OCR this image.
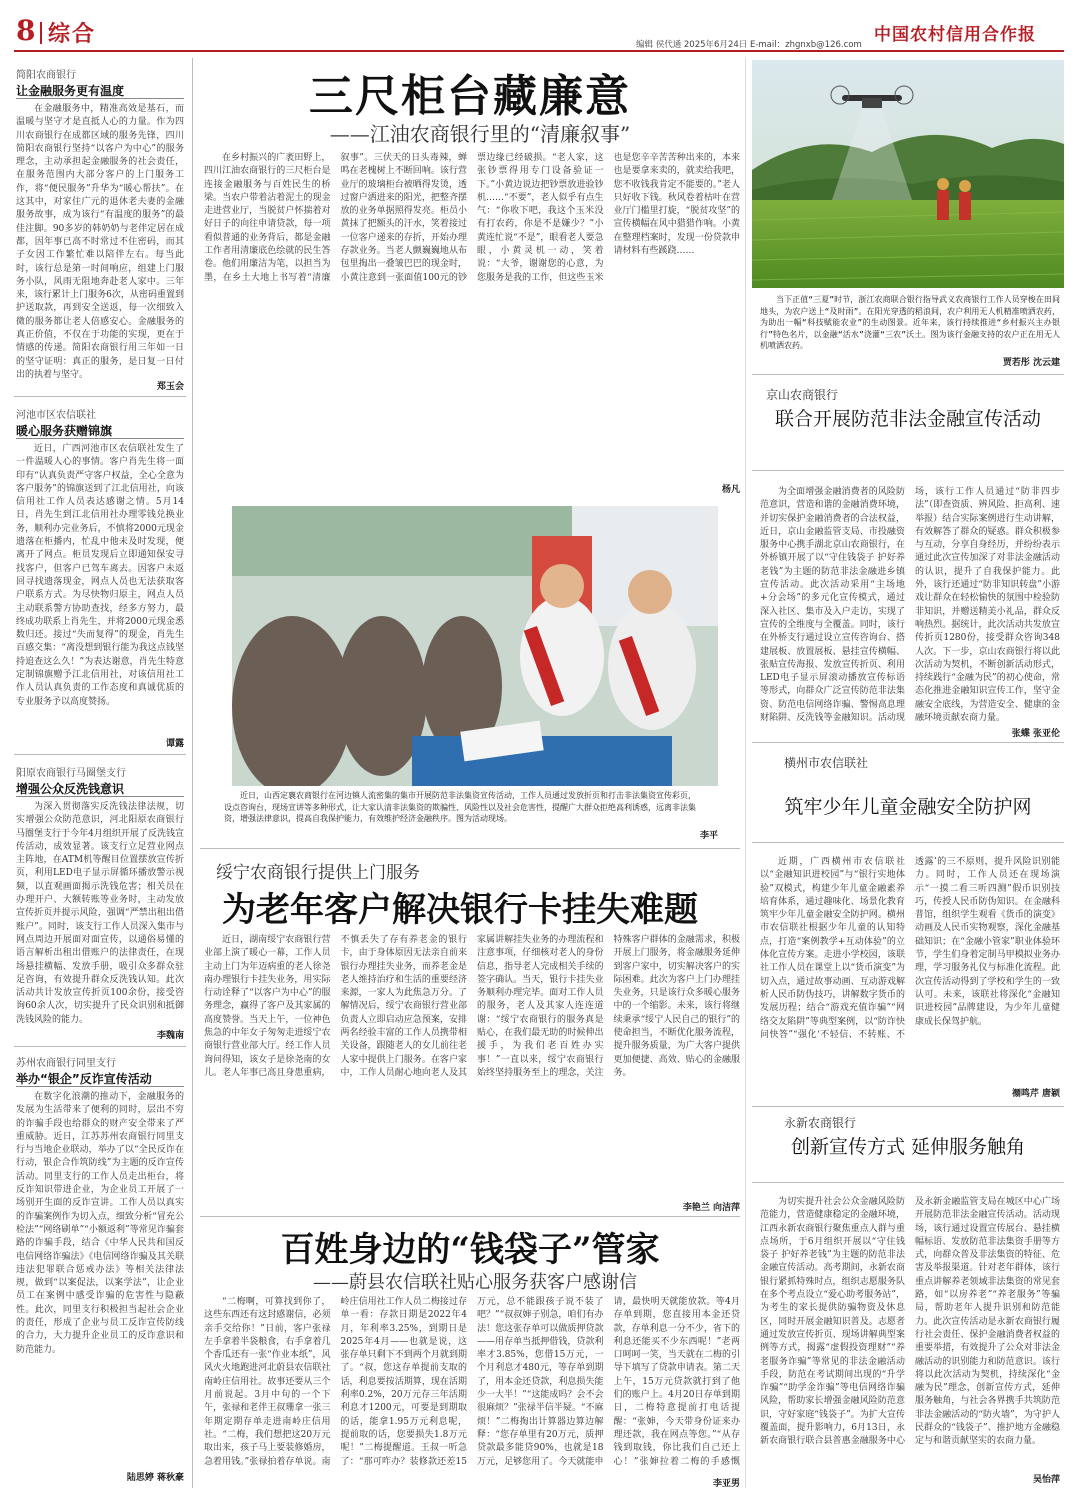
8 综合	编辑 侯代通 2025年6月24日 E-mail：zhgnxb@126.com 中国农村信用合作报
简阳农商银行
让金融服务更有温度
在金融服务中，精准高效是基石，而温暖与坚守才是直抵人心的力量。作为四川农商银行在成都区域的服务先锋，四川简阳农商银行坚持“以客户为中心”的服务理念，主动承担起金融服务的社会责任，在服务范围内大部分客户的上门服务工作，将“便民服务”升华为“暖心帮扶”。在这其中，对家住广元的退休老夫妻的金融服务故事，成为该行“有温度的服务”的最佳注脚。90多岁的韩奶奶与老伴定居在成都，因年事已高不时常过不住密码，而其子女因工作繁忙难以陪伴左右。每当此时，该行总是第一时间响应，组建上门服务小队，风雨无阻地奔赴老人家中。三年来，该行累计上门服务6次，从密码重置到护送取款，再到安全送返，每一次细致入微的服务都让老人倍感安心。金融服务的真正价值，不仅在于功能的实现，更在于情感的传递。简阳农商银行用三年如一日的坚守证明：真正的服务，是日复一日付出的执着与坚守。
郑玉会
河池市区农信联社
暖心服务获赠锦旗
近日，广西河池市区农信联社发生了一件温暖人心的事情。客户肖先生将一面印有“认真负责严守客户权益，全心全意为客户服务”的锦旗送到了江北信用社，向该信用社工作人员表达感谢之情。5月14日，肖先生到江北信用社办理零钱兑换业务，顺利办完业务后，不慎将2000元现金遗落在柜播内，忙乱中他未及时发现，便离开了网点。柜员发现后立即通知保安寻找客户，但客户已驾车离去。因客户未返回寻找遗落现金，网点人员也无法获取客户联系方式。为尽快物归原主，网点人员主动联系警方协助查找，经多方努力，最终成功联系上肖先生，并将2000元现金悉数归还。接过“失而复得”的现金，肖先生百感交集：“离没想到银行能为我这点钱坚持追查这么久！”为表达谢意，肖先生特意定制锦旗赠予江北信用社，对该信用社工作人员认真负责的工作态度和真诚优质的专业服务予以高度赞扬。
谭露
阳原农商银行马圈堡支行
增强公众反洗钱意识
为深入贯彻落实反洗钱法律法规，切实增强公众防范意识，河北阳原农商银行马圈堡支行于今年4月组织开展了反洗钱宣传活动，成效显著。该支行立足营业网点主阵地，在ATM机等醒目位置摆放宣传折页，利用LED电子显示屏循环播放警示视频，以直观画面揭示洗钱危害；相关员在办理开户、大额转账等业务时，主动发放宣传折页并提示风险，强调“严禁出租出借账户”。同时，该支行工作人员深入集市与网点周边开展面对面宣传，以通俗易懂的语言解析出租出借账户的法律责任，在现场悬挂横幅、发放手册，吸引众多群众驻足咨询，有效提升群众反洗钱认知。此次活动共计发放宣传折页100余份，接受咨询60余人次，切实提升了民众识别和抵御洗钱风险的能力。
李魏南
苏州农商银行同里支行
举办“银企”反诈宣传活动
在数字化浪潮的推动下，金融服务的发展为生活带来了便利的同时，层出不穷的诈骗手段也给群众的财产安全带来了严重威胁。近日，江苏苏州农商银行同里支行与当地企业联动，举办了以“全民反诈在行动，银企合作筑防线”为主题的反诈宣传活动。同里支行的工作人员走出柜台，将反诈知识带进企业，为企业员工开展了一场别开生面的反诈宣讲。工作人员以真实的诈骗案例作为切入点，细致分析“冒充公检法”“网络刷单”“小额返利”等常见诈骗套路的诈骗手段，结合《中华人民共和国反电信网络诈骗法》《电信网络诈骗及其关联违法犯罪联合惩戒办法》等相关法律法规，做到“以案促法，以案学法”，让企业员工在案例中感受诈骗的危害性与隐蔽性。此次，同里支行积极担当起社会企业的责任，形成了企业与员工反诈宣传防线的合力，大力提升企业员工的反诈意识和防范能力。
陆思婷 蒋秋豪
三尺柜台藏廉意
——江油农商银行里的“清廉叙事”
在乡村振兴的广袤田野上，四川江油农商银行的三尺柜台是连接金融服务与百姓民生的桥梁。当农户带着沾着泥土的现金走进营业厅，当脱贫户怀揣着对好日子的向往申请贷款，每一项看似普通的业务背后，都是金融工作者用清廉底色绘就的民生答卷。他们用廉洁为笔，以担当为墨，在乡土大地上书写着“清廉叙事”。三伏天的日头毒辣，蝉鸣在老槐树上不断回响。该行营业厅的玻璃柜台被晒得发烫，透过窗户洒进来的阳光，把整齐摆放的业务单据照得发亮。柜员小黄抹了把额头的汗水，笑着接过一位客户递来的存折，开始办理存款业务。当老人颤巍巍地从布包里掏出一叠皱巴巴的现金时，小黄注意到一张面值100元的钞票边缘已经破损。“老人家，这张钞票得用专门设备验证一下。”小黄边说边把钞票放进验钞机……“不要”，老人似乎有点生气：“你收下吧，我这个玉米没有打农药，你是不是嫌少？”小黄连忙说“不是”，眼看老人要急眼，小黄灵机一动，笑着说：“大爷，谢谢您的心意，为您服务是我的工作，但这些玉米也是您辛辛苦苦种出来的，本来也是要拿来卖的，就卖给我吧，您不收钱我肯定不能要的。”老人只好收下钱。秋风卷着枯叶在营业厅门槛里打旋，“脱贫攻坚”的宣传横幅在风中猎猎作响。小黄在整理档案时，发现一份贷款申请材料有些蹊跷……
杨凡
当下正值“三夏”时节，浙江农商联合银行指导武义农商银行工作人员穿梭在田间地头，为农户送上“及时雨”。在阳光穿透的稻浪间，农户利用无人机精准喷洒农药，为助出一幅“科技赋能农业”的生动图景。近年来，该行持续推进“乡村振兴主办银行”特色名片，以金融“活水”浇灌“三农”沃土。图为该行金融支持的农户正在用无人机喷洒农药。
贾若彤 沈云建
近日，山西定襄农商银行在河边镇人流密集的集市开展防范非法集资宣传活动，工作人员通过发放折页和打击非法集资宣传彩页，设点咨询台，现场宣讲等多种形式，让大家认清非法集资的欺骗性、风险性以及社会危害性，提醒广大群众拒绝高利诱惑，远离非法集资，增强法律意识，提高自我保护能力，有效维护经济金融秩序。图为活动现场。
李平
京山农商银行
联合开展防范非法金融宣传活动
为全面增强金融消费者的风险防范意识，营造和谐的金融消费环境，并切实保护金融消费者的合法权益，近日，京山金融监管支局、市投融资服务中心携手湖北京山农商银行，在外桥镇开展了以“守住钱袋子 护好养老钱”为主题的防范非法金融进乡镇宣传活动。此次活动采用“主场地+分会场”的多元化宣传模式，通过深入社区、集市及入户走访，实现了宣传的全维度与全覆盖。同时，该行在外桥支行通过设立宣传咨询台、搭建展板、放置展板、悬挂宣传横幅、张贴宣传海报、发放宣传折页、利用LED电子显示屏滚动播放宣传标语等形式，向群众广泛宣传防范非法集资、防范电信网络诈骗、警惕高息理财陷阱、反洗钱等金融知识。活动现场，该行工作人员通过“防非四步法”（即查资质、辨风险、拒高利、速举报）结合实际案例进行生动讲解，有效解答了群众的疑惑。群众积极参与互动，分享自身经历，并纷纷表示通过此次宣传加深了对非法金融活动的认识，提升了自我保护能力。此外，该行还通过“防非知识转盘”小游戏让群众在轻松愉快的氛围中检验防非知识，并赠送精美小礼品，群众反响热烈。据统计，此次活动共发放宣传折页1280份，接受群众咨询348人次。下一步，京山农商银行将以此次活动为契机，不断创新活动形式，持续践行“金融为民”的初心使命，常态化推进金融知识宣传工作，坚守金融安全底线，为营造安全、健康的金融环境贡献农商力量。
张蝶 张亚伦
横州市农信联社
筑牢少年儿童金融安全防护网
近期，广西横州市农信联社以“金融知识进校园”与“银行实地体验”双模式，构建少年儿童金融素养培育体系，通过趣味化、场景化教育筑牢少年儿童金融安全防护网。横州市农信联社根据少年儿童的认知特点，打造“案例教学+互动体验”的立体化宣传方案。走进小学校园，该联社工作人员在课堂上以“货币演变”为切入点，通过故事动画、互动游戏解析人民币防伪技巧，讲解数字货币的发展历程；结合“游戏充值诈骗”“网络交友陷阱”等典型案例，以“防诈快问快答”“强化‘不轻信、不转账、不透露’的三不原则，提升风险识别能力。同时，工作人员还在现场演示“一摸二看三听四测”假币识别技巧，传授人民币防伪知识。在金融科普馆，组织学生观看《货币的演变》动画及人民币实物观察，深化金融基础知识；在“金融小管家”职业体验环节，学生们身着定制马甲模拟业务办理，学习服务礼仪与标准化流程。此次宣传活动得到了学校和学生的一致认可。未来，该联社将深化“金融知识进校园”品牌建设，为少年儿童健康成长保驾护航。
禤鸣芹 唐颖
永新农商银行
创新宣传方式 延伸服务触角
为切实提升社会公众金融风险防范能力，营造健康稳定的金融环境，江西永新农商银行聚焦重点人群与重点场所，于6月组织开展以“守住钱袋子 护好养老钱”为主题的防范非法金融宣传活动。高考期间，永新农商银行紧抓特殊时点，组织志愿服务队在多个考点设立“爱心助考服务站”，为考生的家长提供防骗物资及休息区，同时开展金融知识普及。志愿者通过发放宣传折页、现场讲解典型案例等方式，揭露“虚假投资理财”“养老服务诈骗”等常见的非法金融活动手段，防范在考试期间出现的“升学诈骗”“助学金诈骗”等电信网络诈骗风险，帮助家长增强金融风险防范意识，守好家庭“钱袋子”。为扩大宣传覆盖面，提升影响力，6月13日，永新农商银行联合县普惠金融服务中心及永新金融监管支局在城区中心广场开展防范非法金融宣传活动。活动现场，该行通过设置宣传展台、悬挂横幅标语、发放防范非法集资手册等方式，向群众普及非法集资的特征、危害及举报渠道。针对老年群体，该行重点讲解养老领域非法集资的常见套路，如“以房养老”“养老服务”等骗局，帮助老年人提升识别和防范能力。此次宣传活动是永新农商银行履行社会责任、保护金融消费者权益的重要举措，有效提升了公众对非法金融活动的识别能力和防范意识。该行将以此次活动为契机，持续深化“金融为民”理念，创新宣传方式，延伸服务触角，与社会各界携手共筑防范非法金融活动的“防火墙”，为守护人民群众的“钱袋子”、推护地方金融稳定与和谐贡献坚实的农商力量。
吴怡萍
绥宁农商银行提供上门服务
为老年客户解决银行卡挂失难题
近日，湖南绥宁农商银行营业部上演了暖心一幕，工作人员主动上门为年迈病重的老人徐尧南办理银行卡挂失业务，用实际行动诠释了“以客户为中心”的服务理念，赢得了客户及其家属的高度赞誉。当天上午，一位神色焦急的中年女子匆匆走进绥宁农商银行营业部大厅。经工作人员询问得知，该女子是徐尧南的女儿。老人年事已高且身患重病，不慎丢失了存有养老金的银行卡，由于身体原因无法亲自前来银行办理挂失业务，而养老金是老人维持治疗和生活的重要经济来源，一家人为此焦急万分。了解情况后，绥宁农商银行营业部负责人立即启动应急预案，安排两名经验丰富的工作人员携带相关设备，跟随老人的女儿前往老人家中提供上门服务。在客户家中，工作人员耐心地向老人及其家属讲解挂失业务的办理流程和注意事项，仔细核对老人的身份信息，指导老人完成相关手续的签字确认。当天，银行卡挂失业务顺利办理完毕。面对工作人员的服务，老人及其家人连连道谢：“绥宁农商银行的服务真是贴心，在我们最无助的时候伸出援手，为我们老百姓办实事！”一直以来，绥宁农商银行始终坚持服务至上的理念，关注特殊客户群体的金融需求，积极开展上门服务，将金融服务延伸到客户家中，切实解决客户的实际困难。此次为客户上门办理挂失业务，只是该行众多暖心服务中的一个缩影。未来，该行将继续秉承“绥宁人民自己的银行”的使命担当，不断优化服务流程，提升服务质量，为广大客户提供更加便捷、高效、贴心的金融服务。
李艳兰 向洁萍
百姓身边的“钱袋子”管家
——蔚县农信联社贴心服务获客户感谢信
“二梅啊，可算找到你了，这些东西还有这封感谢信，必须亲手交给你！”日前，客户张禄左手拿着半袋粮食，右手拿着几个香瓜还有一张“作业本纸”，风风火火地跑进河北蔚县农信联社南岭庄信用社。故事还要从三个月前说起。3月中旬的一个下午，张禄和老伴王叔珊拿一张三年期定期存单走进南岭庄信用社。“二梅，我们想把这20万元取出来，孩子马上要装修婚房，急着用钱。”张禄拍着存单说。南岭庄信用社工作人员二梅接过存单一看：存款日期是2022年4月，年利率3.25%，到期日是2025年4月——也就是说，这张存单只剩下不到两个月就到期了。“叔，您这存单提前支取的话，利息要按活期算，现在活期利率0.2%，20万元存三年活期利息才1200元，可要是到期取的话，能拿1.95万元利息呢，提前取的话，您要损失1.8万元呢！”二梅提醒道。王叔一听急了：“那可咋办？装修款还差15万元，总不能跟孩子说不装了吧？”“叔叔婶子别急，咱们有办法！您这张存单可以做质押贷款——用存单当抵押借钱，贷款利率才3.85%，您借15万元，一个月利息才480元，等存单到期了，用本金还贷款，利息损失能少一大半！”“这能成吗？会不会很麻烦？”张禄半信半疑。“不麻烦！”二梅掏出计算器边算边解释：“您存单里有20万元，质押贷款最多能贷90%，也就是18万元，足够您用了。今天就能申请，最快明天就能放款。等4月存单到期，您直接用本金还贷款，存单利息一分不少，省下的利息还能买不少东西呢！”老两口呵呵一笑，当天就在二梅的引导下填写了贷款申请表。第二天上午，15万元贷款就打到了他们的账户上。4月20日存单到期日，二梅特意提前打电话提醒：“张婶，今天带身份证来办理还款，我在网点等您。”“从存钱到取钱，你比我们自己还上心！”张婶拉着二梅的手感慨
李亚男
